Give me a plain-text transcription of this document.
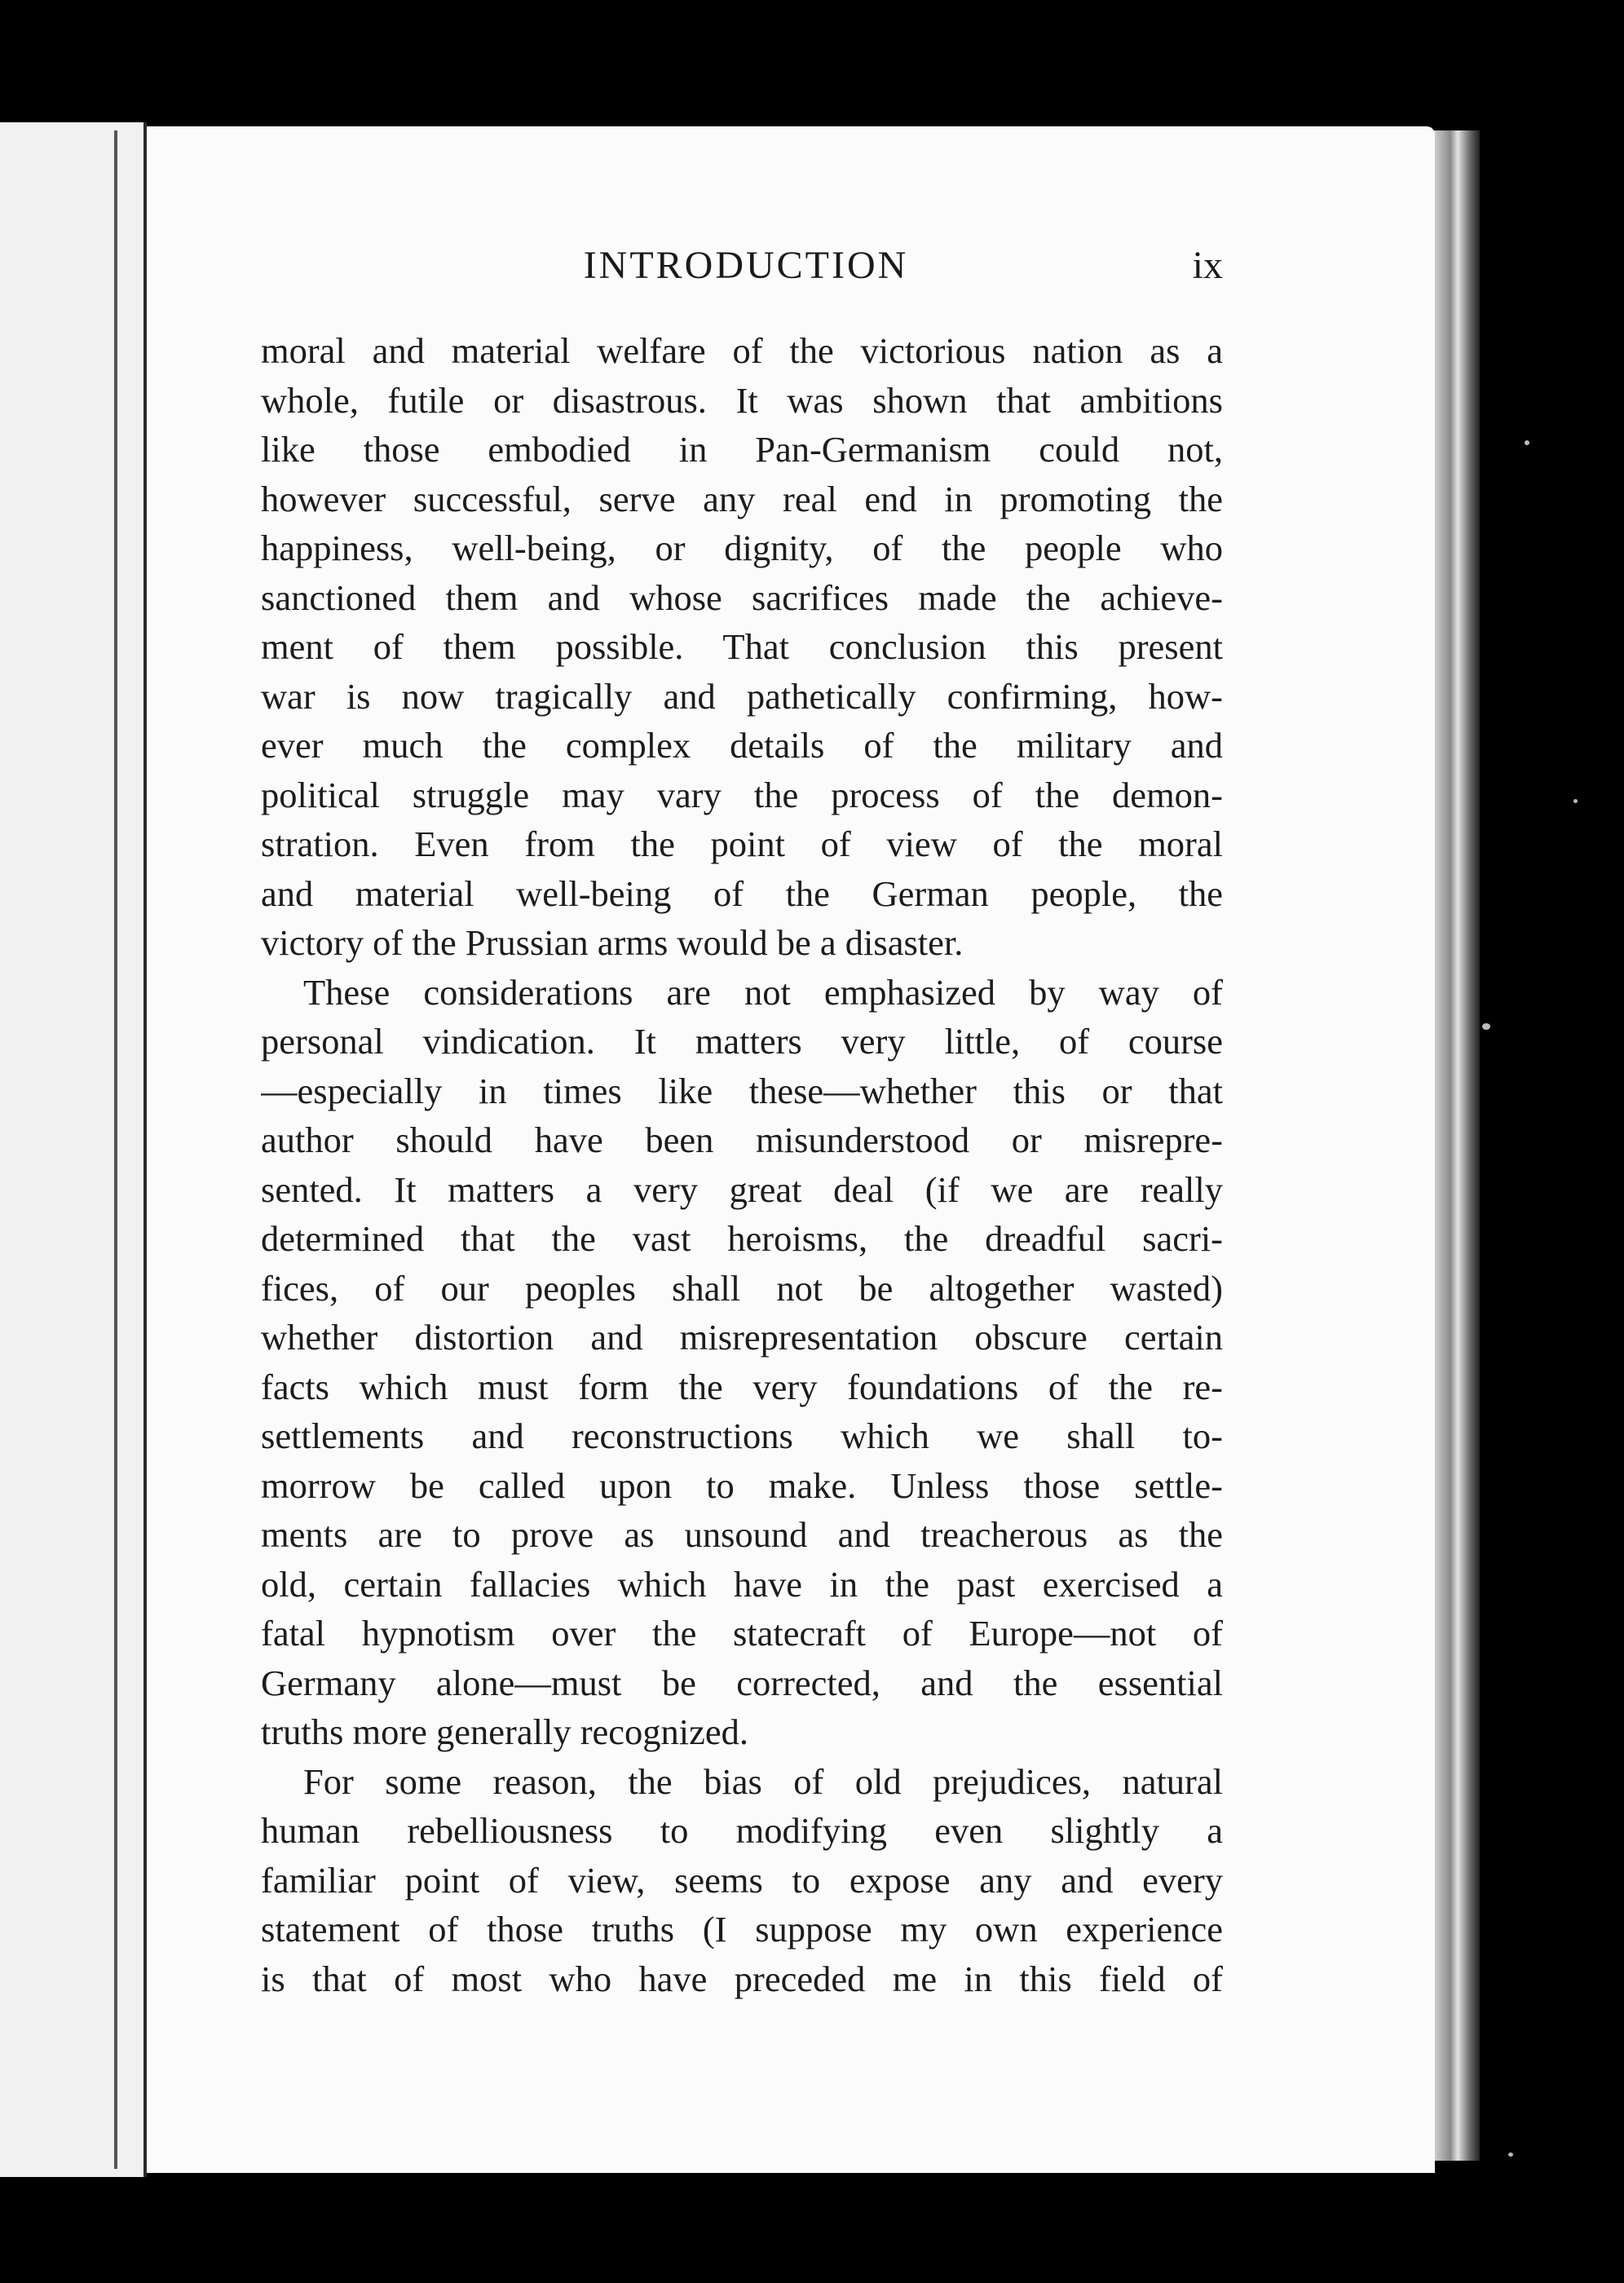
INTRODUCTION	ix
moral and material welfare of the victorious nation as a
whole, futile or disastrous. It was shown that ambitions
like those embodied in Pan-Germanism could not,
however successful, serve any real end in promoting the
happiness, well-being, or dignity, of the people who
sanctioned them and whose sacrifices made the achieve-
ment of them possible. That conclusion this present
war is now tragically and pathetically confirming, how-
ever much the complex details of the military and
political struggle may vary the process of the demon-
stration. Even from the point of view of the moral
and material well-being of the German people, the
victory of the Prussian arms would be a disaster.
These considerations are not emphasized by way of
personal vindication. It matters very little, of course
—especially in times like these—whether this or that
author should have been misunderstood or misrepre-
sented. It matters a very great deal (if we are really
determined that the vast heroisms, the dreadful sacri-
fices, of our peoples shall not be altogether wasted)
whether distortion and misrepresentation obscure certain
facts which must form the very foundations of the re-
settlements and reconstructions which we shall to-
morrow be called upon to make. Unless those settle-
ments are to prove as unsound and treacherous as the
old, certain fallacies which have in the past exercised a
fatal hypnotism over the statecraft of Europe—not of
Germany alone—must be corrected, and the essential
truths more generally recognized.
For some reason, the bias of old prejudices, natural
human rebelliousness to modifying even slightly a
familiar point of view, seems to expose any and every
statement of those truths (I suppose my own experience
is that of most who have preceded me in this field of
